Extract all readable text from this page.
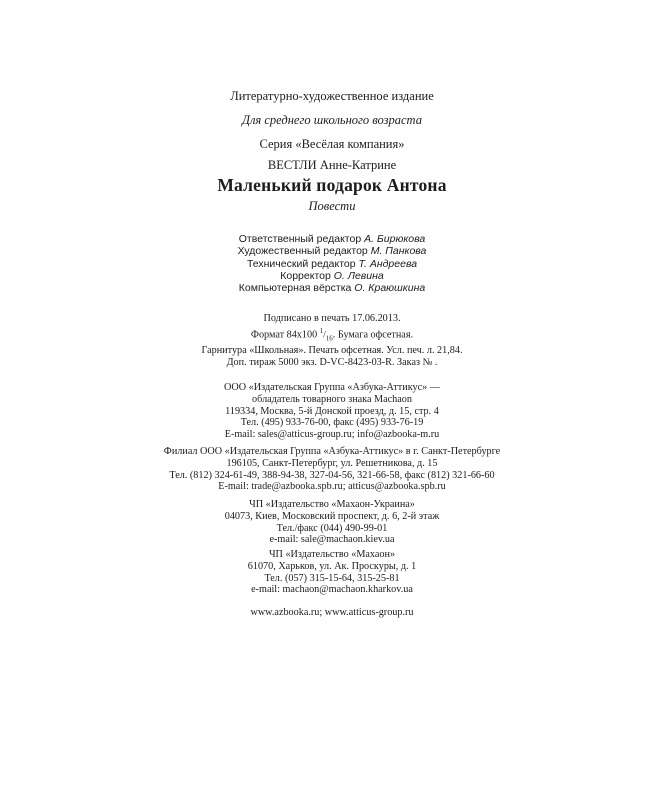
Литературно-художественное издание
Для среднего школьного возраста
Серия «Весёлая компания»
ВЕСТЛИ Анне-Катрине
Маленький подарок Антона
Повести
Ответственный редактор А. Бирюкова
Художественный редактор М. Панкова
Технический редактор Т. Андреева
Корректор О. Левина
Компьютерная вёрстка О. Краюшкина
Подписано в печать 17.06.2013.
Формат 84x100 $^1/_{16}$. Бумага офсетная.
Гарнитура «Школьная». Печать офсетная. Усл. печ. л. 21,84.
Доп. тираж 5000 экз. D-VC-8423-03-R. Заказ № .
ООО «Издательская Группа «Азбука-Аттикус» —
обладатель товарного знака Machaon
119334, Москва, 5-й Донской проезд, д. 15, стр. 4
Тел. (495) 933-76-00, факс (495) 933-76-19
E-mail: sales@atticus-group.ru; info@azbooka-m.ru
Филиал ООО «Издательская Группа «Азбука-Аттикус» в г. Санкт-Петербурге
196105, Санкт-Петербург, ул. Решетникова, д. 15
Тел. (812) 324-61-49, 388-94-38, 327-04-56, 321-66-58, факс (812) 321-66-60
E-mail: trade@azbooka.spb.ru; atticus@azbooka.spb.ru
ЧП «Издательство «Махаон-Украина»
04073, Киев, Московский проспект, д. 6, 2-й этаж
Тел./факс (044) 490-99-01
e-mail: sale@machaon.kiev.ua
ЧП «Издательство «Махаон»
61070, Харьков, ул. Ак. Проскуры, д. 1
Тел. (057) 315-15-64, 315-25-81
e-mail: machaon@machaon.kharkov.ua
www.azbooka.ru; www.atticus-group.ru
